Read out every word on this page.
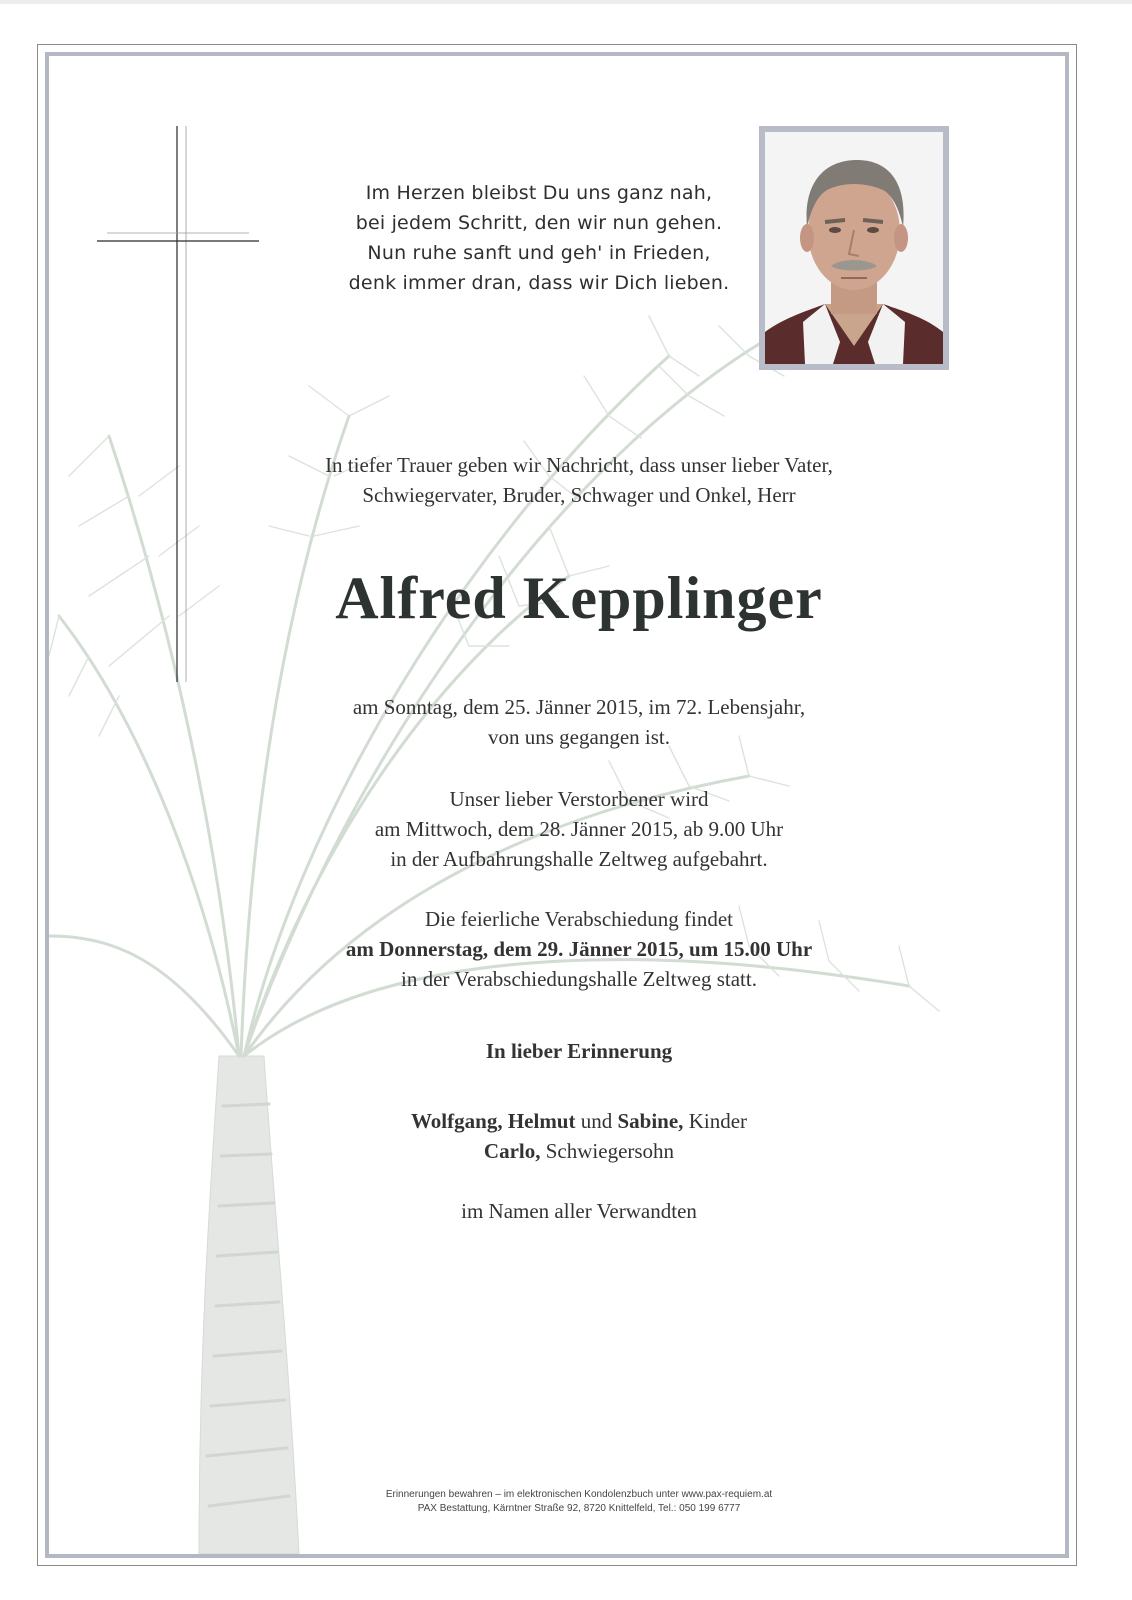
Im Herzen bleibst Du uns ganz nah,
bei jedem Schritt, den wir nun gehen.
Nun ruhe sanft und geh' in Frieden,
denk immer dran, dass wir Dich lieben.
In tiefer Trauer geben wir Nachricht, dass unser lieber Vater,
Schwiegervater, Bruder, Schwager und Onkel, Herr
Alfred Kepplinger
am Sonntag, dem 25. Jänner 2015, im 72. Lebensjahr,
von uns gegangen ist.
Unser lieber Verstorbener wird
am Mittwoch, dem 28. Jänner 2015, ab 9.00 Uhr
in der Aufbahrungshalle Zeltweg aufgebahrt.
Die feierliche Verabschiedung findet
am Donnerstag, dem 29. Jänner 2015, um 15.00 Uhr
in der Verabschiedungshalle Zeltweg statt.
In lieber Erinnerung
Wolfgang, Helmut und Sabine, Kinder
Carlo, Schwiegersohn
im Namen aller Verwandten
Erinnerungen bewahren – im elektronischen Kondolenzbuch unter www.pax-requiem.at
PAX Bestattung, Kärntner Straße 92, 8720 Knittelfeld, Tel.: 050 199 6777
